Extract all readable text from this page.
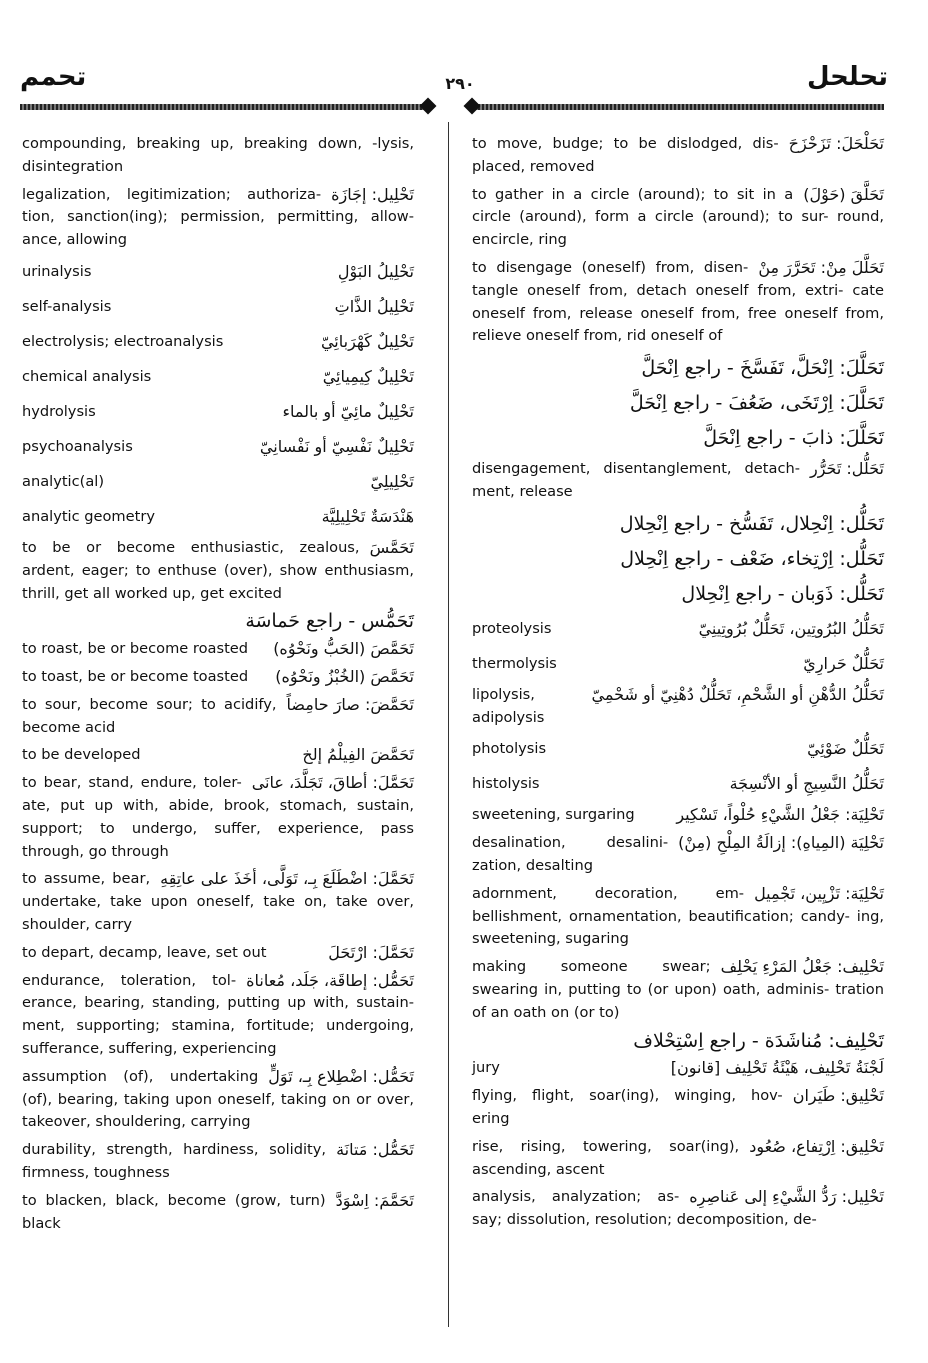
تحلحل
٢٩٠
تحمم
compounding, breaking up, breaking down, -lysis, disintegration
تَحْلِيل: إجَازَة
legalization, legitimization; authoriza- tion, sanction(ing); permission, permitting, allow- ance, allowing
تَحْلِيلُ البَوْلِ
urinalysis
تَحْلِيلُ الذَّاتِ
self-analysis
تَحْلِيلٌ كَهْرَبائِيّ
electrolysis; electroanalysis
تَحْلِيلٌ كِيمِيائِيّ
chemical analysis
تَحْلِيلٌ مائِيّ أو بالماء
hydrolysis
تَحْلِيلٌ نَفْسِيّ أو نَفْسانِيّ
psychoanalysis
تَحْلِيلِيّ
analytic(al)
هَنْدَسَةٌ تَحْلِيلِيَّة
analytic geometry
تَحَمَّسَ
to be or become enthusiastic, zealous, ardent, eager; to enthuse (over), show enthusiasm, thrill, get all worked up, get excited
تَحَمُّس - راجع حَماسَة
تَحَمَّصَ (الحَبُّ ونَحْوُه)
to roast, be or become roasted
تَحَمَّصَ (الخُبْزُ ونَحْوُه)
to toast, be or become toasted
تَحَمَّضَ: صارَ حامِضاً
to sour, become sour; to acidify, become acid
تَحَمَّضَ الفِيلْمُ إلخ
to be developed
تَحَمَّلَ: أطاقَ، تَجَلَّدَ، عانَى
to bear, stand, endure, toler- ate, put up with, abide, brook, stomach, sustain, support; to undergo, suffer, experience, pass through, go through
تَحَمَّلَ: اضْطَلَعَ بِـ، تَوَلَّى، أخَذَ على عاتِقِهِ
to assume, bear, undertake, take upon oneself, take on, take over, shoulder, carry
تَحَمَّلَ: ارْتَحَلَ
to depart, decamp, leave, set out
تَحَمُّل: إطاقَة، جَلَد، مُعاناة
endurance, toleration, tol- erance, bearing, standing, putting up with, sustain- ment, supporting; stamina, fortitude; undergoing, sufferance, suffering, experiencing
تَحَمُّل: اضْطِلاع بِـ، تَوَلٍّ
assumption (of), undertaking (of), bearing, taking upon oneself, taking on or over, takeover, shouldering, carrying
تَحَمُّل: مَتانَة
durability, strength, hardiness, solidity, firmness, toughness
تَحَمَّمَ: اِسْوَدَّ
to blacken, black, become (grow, turn) black
تَحَلْحَلَ: تَزَحْزَحَ
to move, budge; to be dislodged, dis- placed, removed
تَحَلَّقَ (حَوْلَ)
to gather in a circle (around); to sit in a circle (around), form a circle (around); to sur- round, encircle, ring
تَحَلَّلَ مِنْ: تَحَرَّرَ مِنْ
to disengage (oneself) from, disen- tangle oneself from, detach oneself from, extri- cate oneself from, release oneself from, free oneself from, relieve oneself from, rid oneself of
تَحَلَّلَ: اِنْحَلَّ، تَفَسَّخَ - راجع اِنْحَلَّ
تَحَلَّلَ: اِرْتَخَى، ضَعُفَ - راجع اِنْحَلَّ
تَحَلَّلَ: ذابَ - راجع اِنْحَلَّ
تَحَلُّل: تَحَرُّر
disengagement, disentanglement, detach- ment, release
تَحَلُّل: اِنْحِلال، تَفَسُّخ - راجع اِنْحِلال
تَحَلُّل: اِرْتِخاء، ضَعْف - راجع اِنْحِلال
تَحَلُّل: ذَوَبان - راجع اِنْحِلال
تَحَلُّلُ البُرُوتِين، تَحَلُّلٌ بُرُوتِينِيّ
proteolysis
تَحَلُّلٌ حَرارِيّ
thermolysis
تَحَلُّلُ الدُّهْنِ أو الشَّحْمِ، تَحَلُّلٌ دُهْنِيّ أو شَحْمِيّ
lipolysis, adipolysis
تَحَلُّلٌ ضَوْئِيّ
photolysis
تَحَلُّلُ النَّسِيجِ أو الأنْسِجَة
histolysis
تَحْلِيَة: جَعْلُ الشَّيْءِ حُلْواً، تَسْكِير
sweetening, surgaring
تَحْلِيَة (المِياهِ): إزالَةُ المِلْحِ (مِنْ)
desalination, desalini- zation, desalting
تَحْلِيَة: تَزْيِين، تَجْمِيل
adornment, decoration, em- bellishment, ornamentation, beautification; candy- ing, sweetening, sugaring
تَحْلِيف: جَعْلُ المَرْءِ يَحْلِف
making someone swear; swearing in, putting to (or upon) oath, adminis- tration of an oath on (or to)
تَحْلِيف: مُناشَدَة - راجع اِسْتِحْلاف
لَجْنَةُ تَحْلِيف، هَيْئَةُ تَحْلِيف [قانون]
jury
تَحْلِيق: طَيَران
flying, flight, soar(ing), winging, hov- ering
تَحْلِيق: اِرْتِفاع، صُعُود
rise, rising, towering, soar(ing), ascending, ascent
تَحْلِيل: رَدُّ الشَّيْءِ إلى عَناصِرِه
analysis, analyzation; as- say; dissolution, resolution; decomposition, de-
